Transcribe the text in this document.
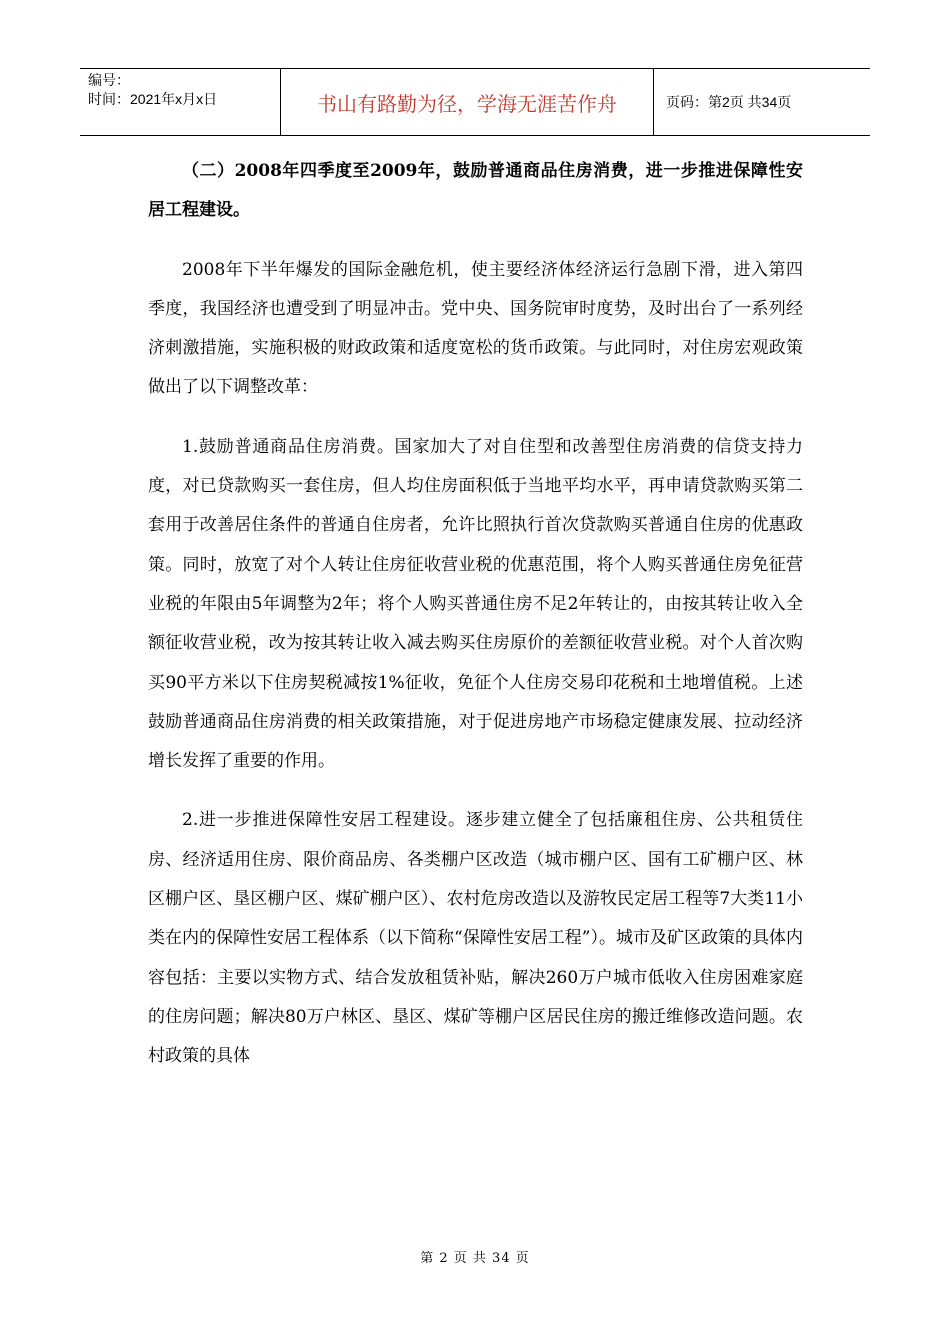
编号：
时间：2021年x月x日	书山有路勤为径，学海无涯苦作舟	页码：第2页 共34页

（二）2008年四季度至2009年，鼓励普通商品住房消费，进一步推进保障性安居工程建设。

2008年下半年爆发的国际金融危机，使主要经济体经济运行急剧下滑，进入第四季度，我国经济也遭受到了明显冲击。党中央、国务院审时度势，及时出台了一系列经济刺激措施，实施积极的财政政策和适度宽松的货币政策。与此同时，对住房宏观政策做出了以下调整改革：

1.鼓励普通商品住房消费。国家加大了对自住型和改善型住房消费的信贷支持力度，对已贷款购买一套住房，但人均住房面积低于当地平均水平，再申请贷款购买第二套用于改善居住条件的普通自住房者，允许比照执行首次贷款购买普通自住房的优惠政策。同时，放宽了对个人转让住房征收营业税的优惠范围，将个人购买普通住房免征营业税的年限由5年调整为2年；将个人购买普通住房不足2年转让的，由按其转让收入全额征收营业税，改为按其转让收入减去购买住房原价的差额征收营业税。对个人首次购买90平方米以下住房契税减按1%征收，免征个人住房交易印花税和土地增值税。上述鼓励普通商品住房消费的相关政策措施，对于促进房地产市场稳定健康发展、拉动经济增长发挥了重要的作用。

2.进一步推进保障性安居工程建设。逐步建立健全了包括廉租住房、公共租赁住房、经济适用住房、限价商品房、各类棚户区改造（城市棚户区、国有工矿棚户区、林区棚户区、垦区棚户区、煤矿棚户区）、农村危房改造以及游牧民定居工程等7大类11小类在内的保障性安居工程体系（以下简称“保障性安居工程”）。城市及矿区政策的具体内容包括：主要以实物方式、结合发放租赁补贴，解决260万户城市低收入住房困难家庭的住房问题；解决80万户林区、垦区、煤矿等棚户区居民住房的搬迁维修改造问题。农村政策的具体

第 2 页 共 34 页
